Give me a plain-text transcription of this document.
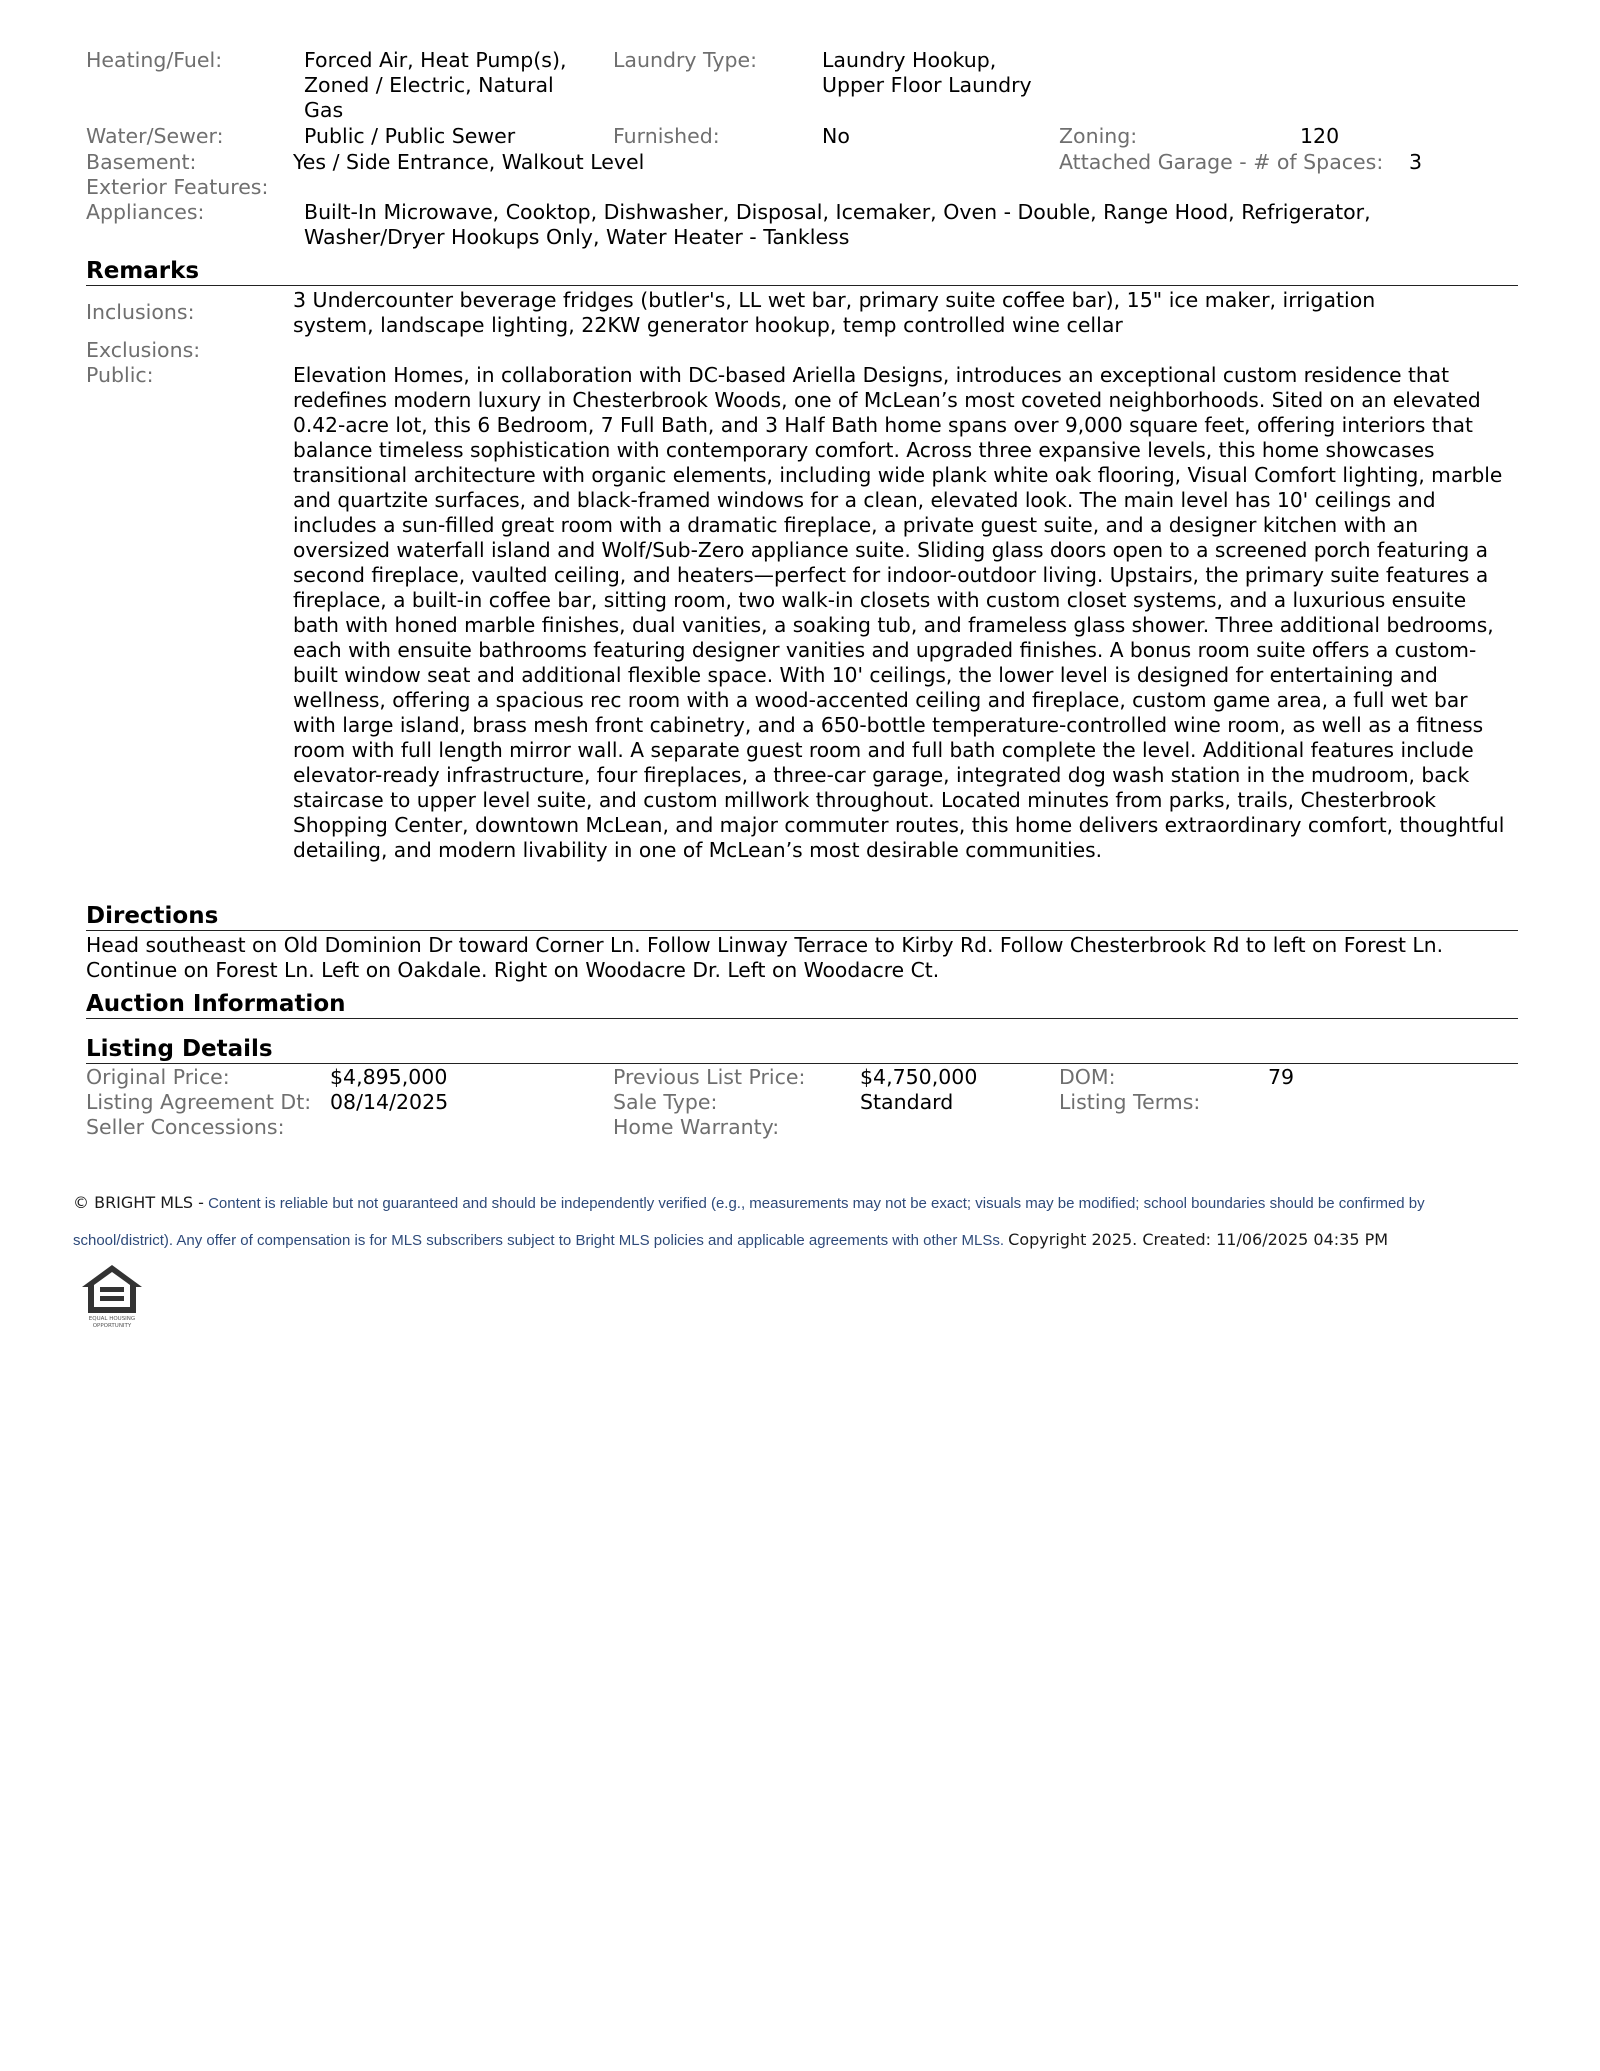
Heating/Fuel:	Forced Air, Heat Pump(s),
Zoned / Electric, Natural
Gas
Laundry Type:	Laundry Hookup,
Upper Floor Laundry
Water/Sewer:	Public / Public Sewer	Furnished:	No	Zoning:	120
Basement:	Yes / Side Entrance, Walkout Level	Attached Garage - # of Spaces: 3
Exterior Features:
Appliances:	Built-In Microwave, Cooktop, Dishwasher, Disposal, Icemaker, Oven - Double, Range Hood, Refrigerator,
Washer/Dryer Hookups Only, Water Heater - Tankless
Remarks
Inclusions:	3 Undercounter beverage fridges (butler's, LL wet bar, primary suite coffee bar), 15" ice maker, irrigation
system, landscape lighting, 22KW generator hookup, temp controlled wine cellar
Exclusions:
Public:	Elevation Homes, in collaboration with DC-based Ariella Designs, introduces an exceptional custom residence that redefines modern luxury in Chesterbrook Woods, one of McLean’s most coveted neighborhoods. Sited on an elevated 0.42-acre lot, this 6 Bedroom, 7 Full Bath, and 3 Half Bath home spans over 9,000 square feet, offering interiors that balance timeless sophistication with contemporary comfort. Across three expansive levels, this home showcases transitional architecture with organic elements, including wide plank white oak flooring, Visual Comfort lighting, marble and quartzite surfaces, and black-framed windows for a clean, elevated look. The main level has 10' ceilings and includes a sun-filled great room with a dramatic fireplace, a private guest suite, and a designer kitchen with an oversized waterfall island and Wolf/Sub-Zero appliance suite. Sliding glass doors open to a screened porch featuring a second fireplace, vaulted ceiling, and heaters—perfect for indoor-outdoor living. Upstairs, the primary suite features a fireplace, a built-in coffee bar, sitting room, two walk-in closets with custom closet systems, and a luxurious ensuite bath with honed marble finishes, dual vanities, a soaking tub, and frameless glass shower. Three additional bedrooms, each with ensuite bathrooms featuring designer vanities and upgraded finishes. A bonus room suite offers a custom-built window seat and additional flexible space. With 10' ceilings, the lower level is designed for entertaining and wellness, offering a spacious rec room with a wood-accented ceiling and fireplace, custom game area, a full wet bar with large island, brass mesh front cabinetry, and a 650-bottle temperature-controlled wine room, as well as a fitness room with full length mirror wall. A separate guest room and full bath complete the level. Additional features include elevator-ready infrastructure, four fireplaces, a three-car garage, integrated dog wash station in the mudroom, back staircase to upper level suite, and custom millwork throughout. Located minutes from parks, trails, Chesterbrook Shopping Center, downtown McLean, and major commuter routes, this home delivers extraordinary comfort, thoughtful detailing, and modern livability in one of McLean’s most desirable communities.
Directions
Head southeast on Old Dominion Dr toward Corner Ln. Follow Linway Terrace to Kirby Rd. Follow Chesterbrook Rd to left on Forest Ln. Continue on Forest Ln. Left on Oakdale. Right on Woodacre Dr. Left on Woodacre Ct.
Auction Information
Listing Details
Original Price:	$4,895,000	Previous List Price:	$4,750,000	DOM:	79
Listing Agreement Dt: 08/14/2025	Sale Type:	Standard	Listing Terms:
Seller Concessions:	Home Warranty:
© BRIGHT MLS - Content is reliable but not guaranteed and should be independently verified (e.g., measurements may not be exact; visuals may be modified; school boundaries should be confirmed by
school/district). Any offer of compensation is for MLS subscribers subject to Bright MLS policies and applicable agreements with other MLSs. Copyright 2025. Created: 11/06/2025 04:35 PM
EQUAL HOUSING
OPPORTUNITY
